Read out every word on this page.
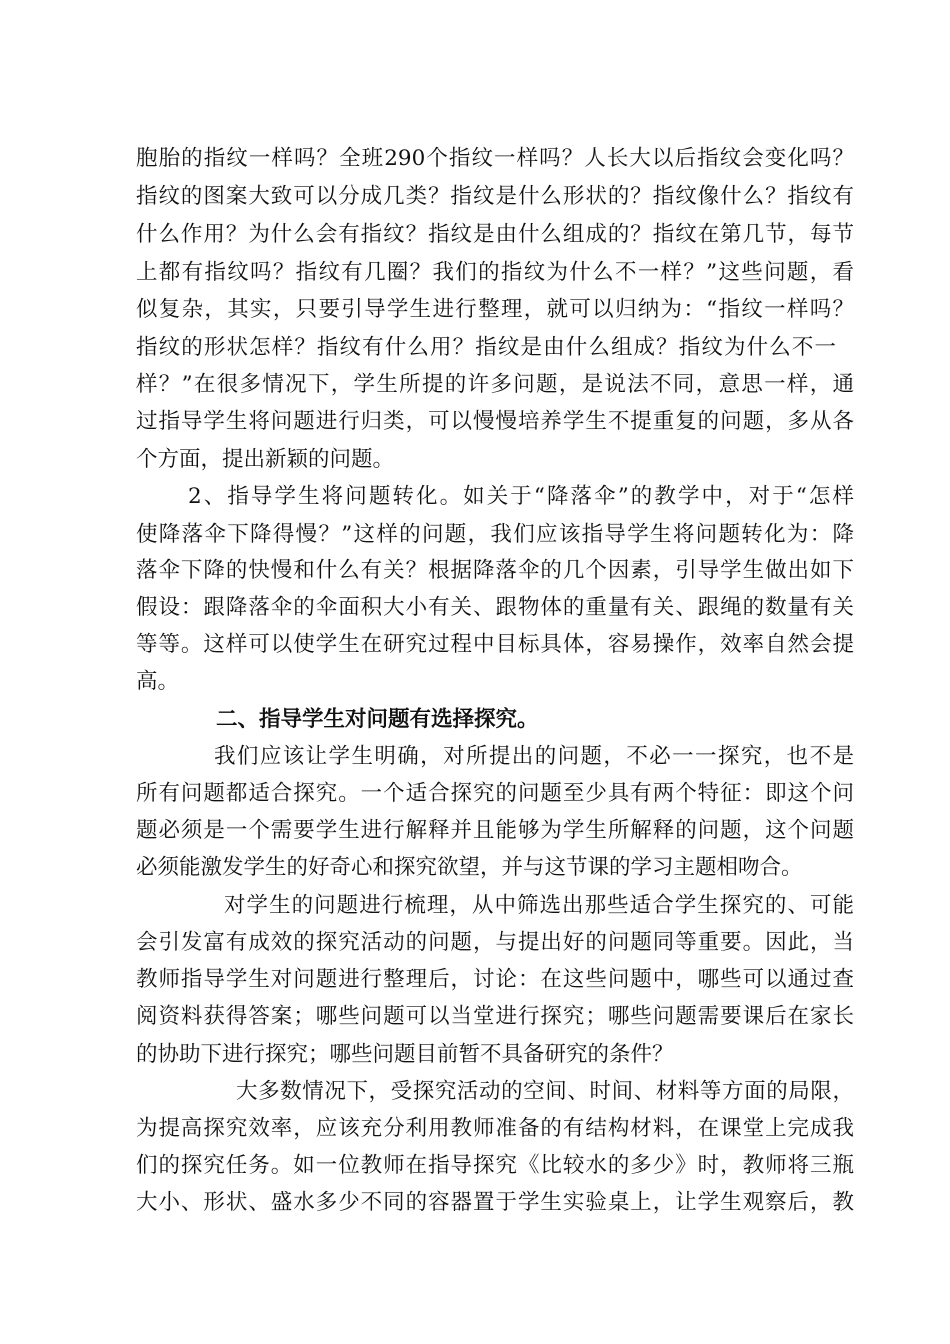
胞胎的指纹一样吗？全班290个指纹一样吗？人长大以后指纹会变化吗？
指纹的图案大致可以分成几类？指纹是什么形状的？指纹像什么？指纹有
什么作用？为什么会有指纹？指纹是由什么组成的？指纹在第几节，每节
上都有指纹吗？指纹有几圈？我们的指纹为什么不一样？”这些问题，看
似复杂，其实，只要引导学生进行整理，就可以归纳为：“指纹一样吗？
指纹的形状怎样？指纹有什么用？指纹是由什么组成？指纹为什么不一
样？”在很多情况下，学生所提的许多问题，是说法不同，意思一样，通
过指导学生将问题进行归类，可以慢慢培养学生不提重复的问题，多从各
个方面，提出新颖的问题。
2、指导学生将问题转化。如关于“降落伞”的教学中，对于“怎样
使降落伞下降得慢？”这样的问题，我们应该指导学生将问题转化为：降
落伞下降的快慢和什么有关？根据降落伞的几个因素，引导学生做出如下
假设：跟降落伞的伞面积大小有关、跟物体的重量有关、跟绳的数量有关
等等。这样可以使学生在研究过程中目标具体，容易操作，效率自然会提
高。
二、指导学生对问题有选择探究。
我们应该让学生明确，对所提出的问题，不必一一探究，也不是
所有问题都适合探究。一个适合探究的问题至少具有两个特征：即这个问
题必须是一个需要学生进行解释并且能够为学生所解释的问题，这个问题
必须能激发学生的好奇心和探究欲望，并与这节课的学习主题相吻合。
对学生的问题进行梳理，从中筛选出那些适合学生探究的、可能
会引发富有成效的探究活动的问题，与提出好的问题同等重要。因此，当
教师指导学生对问题进行整理后，讨论：在这些问题中，哪些可以通过查
阅资料获得答案；哪些问题可以当堂进行探究；哪些问题需要课后在家长
的协助下进行探究；哪些问题目前暂不具备研究的条件？
大多数情况下，受探究活动的空间、时间、材料等方面的局限，
为提高探究效率，应该充分利用教师准备的有结构材料，在课堂上完成我
们的探究任务。如一位教师在指导探究《比较水的多少》时，教师将三瓶
大小、形状、盛水多少不同的容器置于学生实验桌上，让学生观察后，教
